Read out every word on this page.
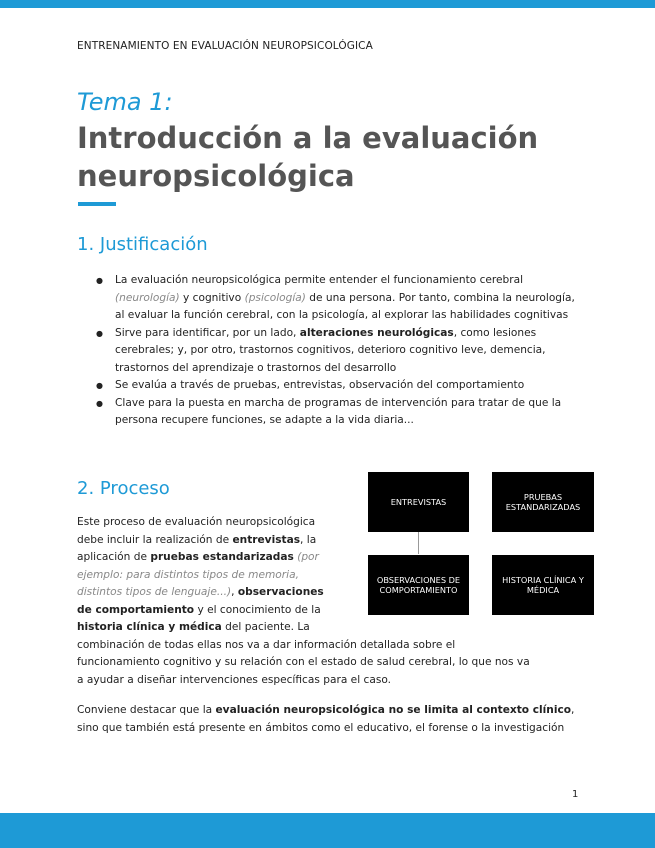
ENTRENAMIENTO EN EVALUACIÓN NEUROPSICOLÓGICA
Tema 1:
Introducción a la evaluación neuropsicológica
1. Justificación
● La evaluación neuropsicológica permite entender el funcionamiento cerebral (neurología) y cognitivo (psicología) de una persona. Por tanto, combina la neurología, al evaluar la función cerebral, con la psicología, al explorar las habilidades cognitivas
● Sirve para identificar, por un lado, alteraciones neurológicas, como lesiones cerebrales; y, por otro, trastornos cognitivos, deterioro cognitivo leve, demencia, trastornos del aprendizaje o trastornos del desarrollo
● Se evalúa a través de pruebas, entrevistas, observación del comportamiento
● Clave para la puesta en marcha de programas de intervención para tratar de que la persona recupere funciones, se adapte a la vida diaria...
2. Proceso
Este proceso de evaluación neuropsicológica
debe incluir la realización de entrevistas, la
aplicación de pruebas estandarizadas (por
ejemplo: para distintos tipos de memoria,
distintos tipos de lenguaje...), observaciones
de comportamiento y el conocimiento de la
historia clínica y médica del paciente. La
combinación de todas ellas nos va a dar información detallada sobre el
funcionamiento cognitivo y su relación con el estado de salud cerebral, lo que nos va
a ayudar a diseñar intervenciones específicas para el caso.
Conviene destacar que la evaluación neuropsicológica no se limita al contexto clínico, sino que también está presente en ámbitos como el educativo, el forense o la investigación
ENTREVISTAS	PRUEBAS ESTANDARIZADAS
OBSERVACIONES DE COMPORTAMIENTO
HISTORIA CLÍNICA Y MÉDICA
1
